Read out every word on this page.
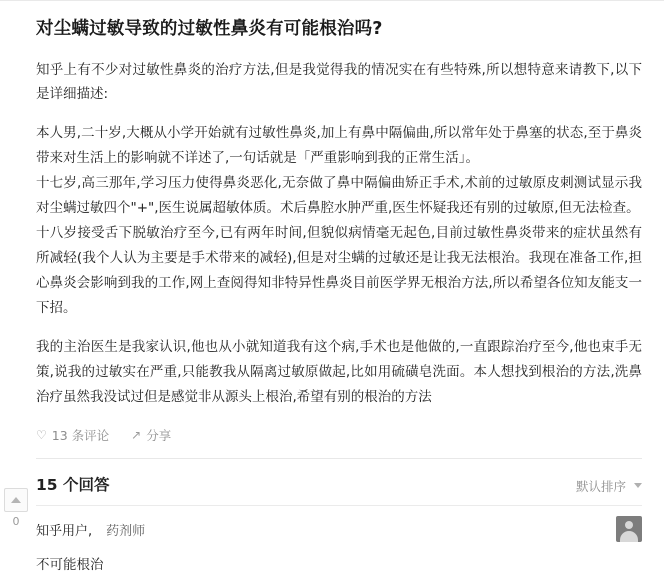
对尘螨过敏导致的过敏性鼻炎有可能根治吗?

知乎上有不少对过敏性鼻炎的治疗方法,但是我觉得我的情况实在有些特殊,所以想特意来请教下,以下是详细描述:

本人男,二十岁,大概从小学开始就有过敏性鼻炎,加上有鼻中隔偏曲,所以常年处于鼻塞的状态,至于鼻炎带来对生活上的影响就不详述了,一句话就是「严重影响到我的正常生活」。

十七岁,高三那年,学习压力使得鼻炎恶化,无奈做了鼻中隔偏曲矫正手术,术前的过敏原皮刺测试显示我对尘螨过敏四个"+",医生说属超敏体质。术后鼻腔水肿严重,医生怀疑我还有别的过敏原,但无法检查。

十八岁接受舌下脱敏治疗至今,已有两年时间,但貌似病情毫无起色,目前过敏性鼻炎带来的症状虽然有所减轻(我个人认为主要是手术带来的减轻),但是对尘螨的过敏还是让我无法根治。我现在准备工作,担心鼻炎会影响到我的工作,网上查阅得知非特异性鼻炎目前医学界无根治方法,所以希望各位知友能支一下招。

我的主治医生是我家认识,他也从小就知道我有这个病,手术也是他做的,一直跟踪治疗至今,他也束手无策,说我的过敏实在严重,只能教我从隔离过敏原做起,比如用硫磺皂洗面。本人想找到根治的方法,洗鼻治疗虽然我没试过但是感觉非从源头上根治,希望有别的根治的方法

♡ 13 条评论 ↗ 分享
15 个回答	默认排序
知乎用户, 药剂师
不可能根治
0
